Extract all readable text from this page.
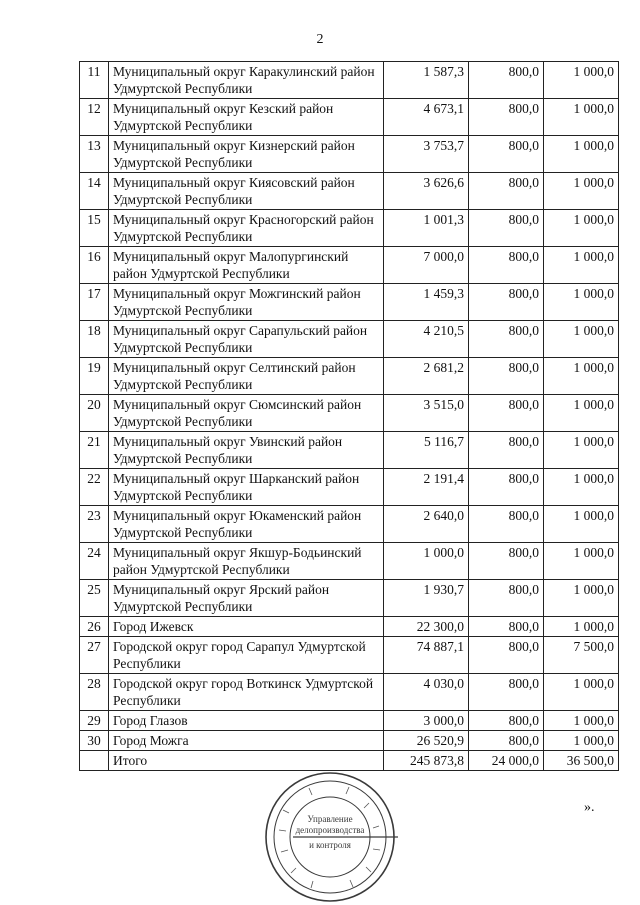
2
11	Муниципальный округ Каракулинский район Удмуртской Республики	1 587,3	800,0	1 000,0
12	Муниципальный округ Кезский район Удмуртской Республики	4 673,1	800,0	1 000,0
13	Муниципальный округ Кизнерский район Удмуртской Республики	3 753,7	800,0	1 000,0
14	Муниципальный округ Киясовский район Удмуртской Республики	3 626,6	800,0	1 000,0
15	Муниципальный округ Красногорский район Удмуртской Республики	1 001,3	800,0	1 000,0
16	Муниципальный округ Малопургинский район Удмуртской Республики	7 000,0	800,0	1 000,0
17	Муниципальный округ Можгинский район Удмуртской Республики	1 459,3	800,0	1 000,0
18	Муниципальный округ Сарапульский район Удмуртской Республики	4 210,5	800,0	1 000,0
19	Муниципальный округ Селтинский район Удмуртской Республики	2 681,2	800,0	1 000,0
20	Муниципальный округ Сюмсинский район Удмуртской Республики	3 515,0	800,0	1 000,0
21	Муниципальный округ Увинский район Удмуртской Республики	5 116,7	800,0	1 000,0
22	Муниципальный округ Шарканский район Удмуртской Республики	2 191,4	800,0	1 000,0
23	Муниципальный округ Юкаменский район Удмуртской Республики	2 640,0	800,0	1 000,0
24	Муниципальный округ Якшур-Бодьинский район Удмуртской Республики	1 000,0	800,0	1 000,0
25	Муниципальный округ Ярский район Удмуртской Республики	1 930,7	800,0	1 000,0
26	Город Ижевск	22 300,0	800,0	1 000,0
27	Городской округ город Сарапул Удмуртской Республики	74 887,1	800,0	7 500,0
28	Городской округ город Воткинск Удмуртской Республики	4 030,0	800,0	1 000,0
29	Город Глазов	3 000,0	800,0	1 000,0
30	Город Можга	26 520,9	800,0	1 000,0
	Итого	245 873,8	24 000,0	36 500,0
».
Управление
делопроизводства
и контроля
